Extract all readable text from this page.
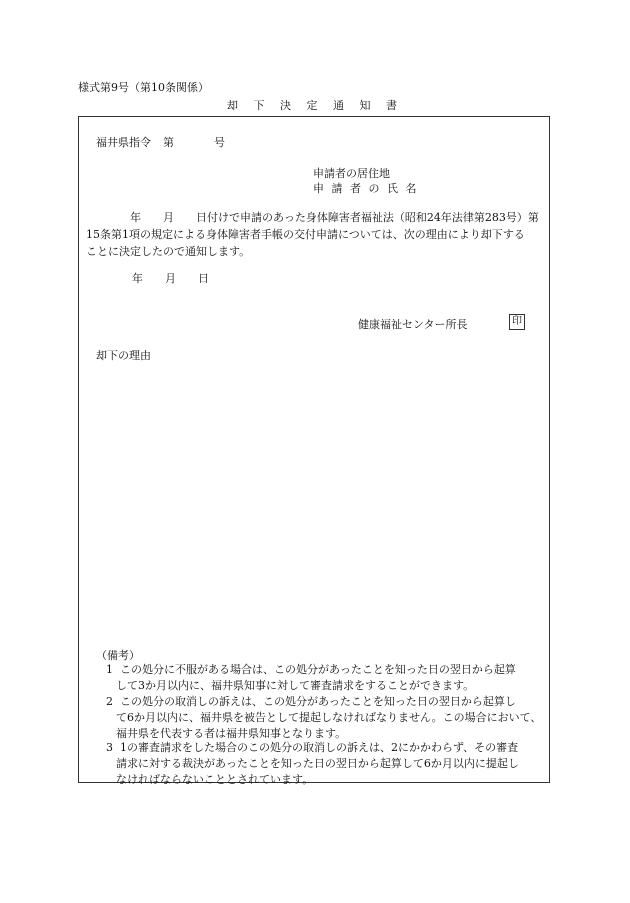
様式第9号（第10条関係）
却 下 決 定 通 知 書
福井県指令 第	号
申請者の居住地
申 請 者 の 氏 名
年　　月　　日付けで申請のあった身体障害者福祉法（昭和24年法律第283号）第
15条第1項の規定による身体障害者手帳の交付申請については、次の理由により却下する
ことに決定したので通知します。
年　　月　　日
健康福祉センター所長	印
却下の理由
（備考）
1 この処分に不服がある場合は、この処分があったことを知った日の翌日から起算
して3か月以内に、福井県知事に対して審査請求をすることができます。
2 この処分の取消しの訴えは、この処分があったことを知った日の翌日から起算し
て6か月以内に、福井県を被告として提起しなければなりません。この場合において、
福井県を代表する者は福井県知事となります。
3 1の審査請求をした場合のこの処分の取消しの訴えは、2にかかわらず、その審査
請求に対する裁決があったことを知った日の翌日から起算して6か月以内に提起し
なければならないこととされています。
